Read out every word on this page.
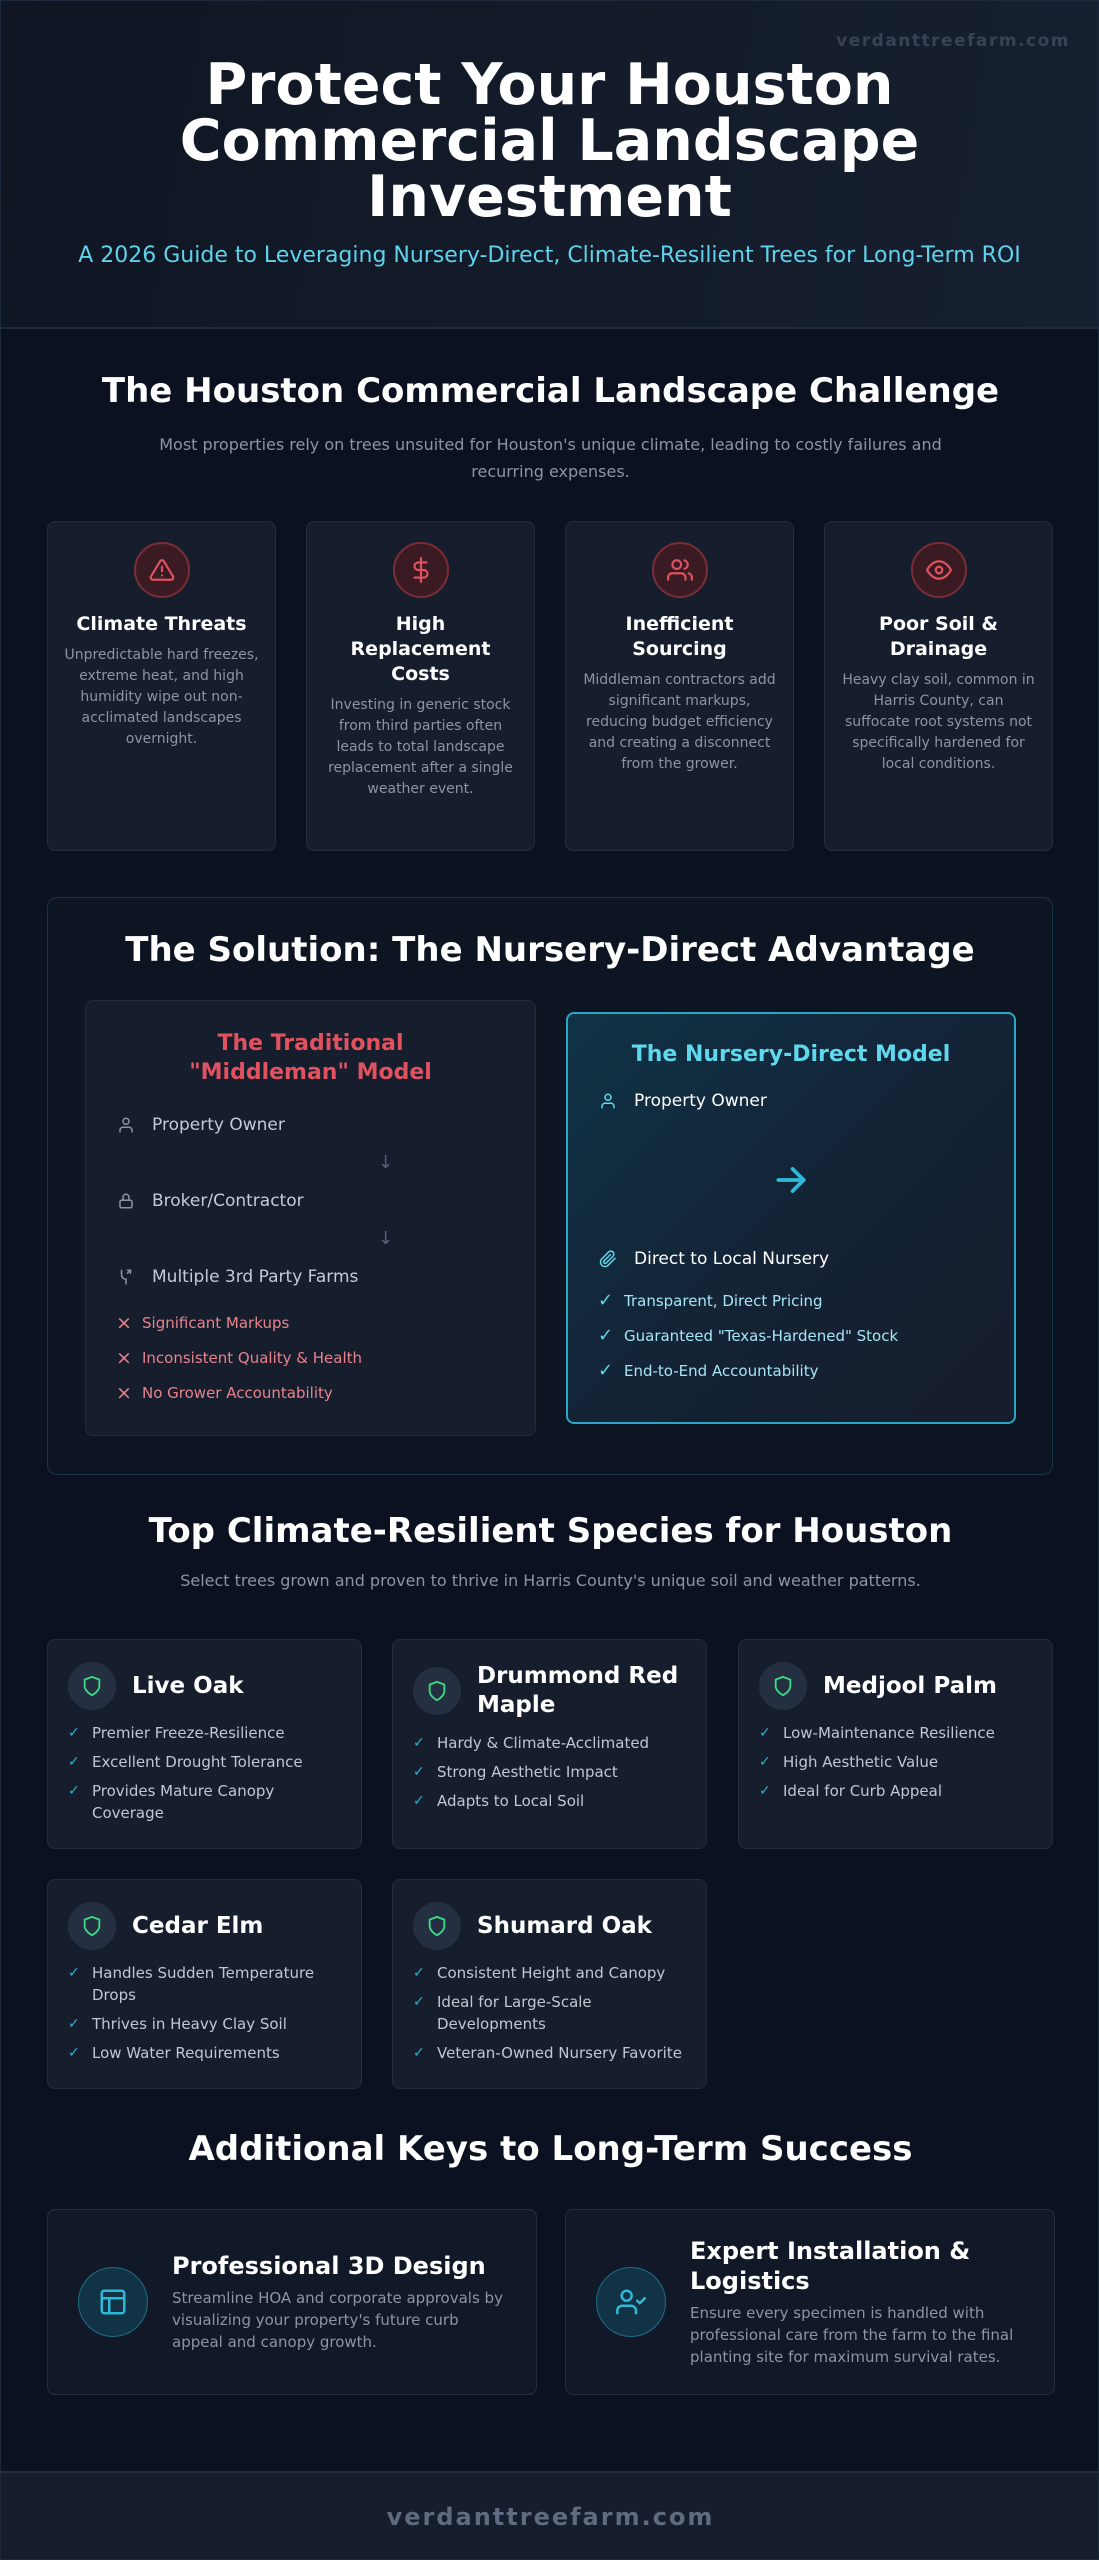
verdanttreefarm.com
Protect Your Houston Commercial Landscape Investment
A 2026 Guide to Leveraging Nursery-Direct, Climate-Resilient Trees for Long-Term ROI
The Houston Commercial Landscape Challenge

Most properties rely on trees unsuited for Houston's unique climate, leading to costly failures and recurring expenses.

Climate Threats
Unpredictable hard freezes, extreme heat, and high humidity wipe out non-acclimated landscapes overnight.
High Replacement Costs
Investing in generic stock from third parties often leads to total landscape replacement after a single weather event.
Inefficient Sourcing
Middleman contractors add significant markups, reducing budget efficiency and creating a disconnect from the grower.
Poor Soil & Drainage
Heavy clay soil, common in Harris County, can suffocate root systems not specifically hardened for local conditions.
The Solution: The Nursery-Direct Advantage
The Traditional "Middleman" Model
Property Owner
↓
Broker/Contractor
↓
Multiple 3rd Party Farms
× Significant Markups
× Inconsistent Quality & Health
× No Grower Accountability
The Nursery-Direct Model
Property Owner
Direct to Local Nursery
✓ Transparent, Direct Pricing
✓ Guaranteed "Texas-Hardened" Stock
✓ End-to-End Accountability
Top Climate-Resilient Species for Houston

Select trees grown and proven to thrive in Harris County's unique soil and weather patterns.

Live Oak
✓ Premier Freeze-Resilience
✓ Excellent Drought Tolerance
✓ Provides Mature Canopy Coverage
Drummond Red Maple
✓ Hardy & Climate-Acclimated
✓ Strong Aesthetic Impact
✓ Adapts to Local Soil
Medjool Palm
✓ Low-Maintenance Resilience
✓ High Aesthetic Value
✓ Ideal for Curb Appeal
Cedar Elm
✓ Handles Sudden Temperature Drops
✓ Thrives in Heavy Clay Soil
✓ Low Water Requirements
Shumard Oak
✓ Consistent Height and Canopy
✓ Ideal for Large-Scale Developments
✓ Veteran-Owned Nursery Favorite
Additional Keys to Long-Term Success
Professional 3D Design
Streamline HOA and corporate approvals by visualizing your property's future curb appeal and canopy growth.
Expert Installation & Logistics
Ensure every specimen is handled with professional care from the farm to the final planting site for maximum survival rates.
verdanttreefarm.com
